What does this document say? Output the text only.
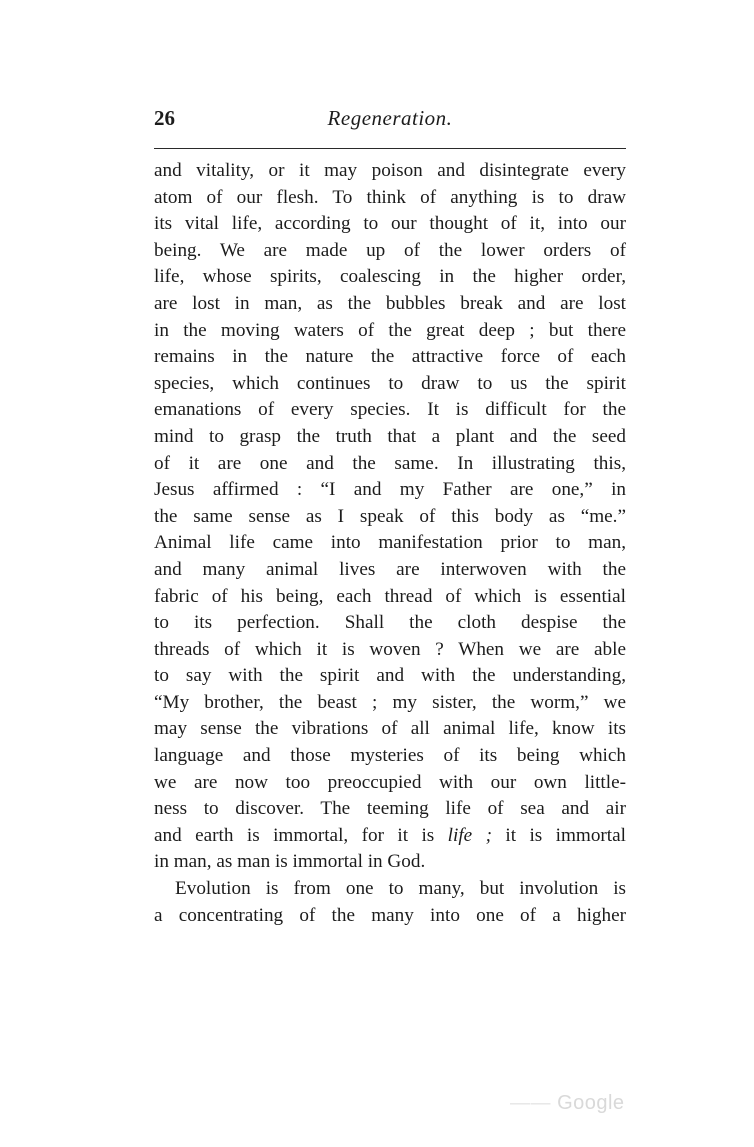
26	Regeneration.
and vitality, or it may poison and disintegrate every
atom of our flesh. To think of anything is to draw
its vital life, according to our thought of it, into our
being. We are made up of the lower orders of
life, whose spirits, coalescing in the higher order,
are lost in man, as the bubbles break and are lost
in the moving waters of the great deep ; but there
remains in the nature the attractive force of each
species, which continues to draw to us the spirit
emanations of every species. It is difficult for the
mind to grasp the truth that a plant and the seed
of it are one and the same. In illustrating this,
Jesus affirmed : “I and my Father are one,” in
the same sense as I speak of this body as “me.”
Animal life came into manifestation prior to man,
and many animal lives are interwoven with the
fabric of his being, each thread of which is essential
to its perfection. Shall the cloth despise the
threads of which it is woven ? When we are able
to say with the spirit and with the understanding,
“My brother, the beast ; my sister, the worm,” we
may sense the vibrations of all animal life, know its
language and those mysteries of its being which
we are now too preoccupied with our own little-
ness to discover. The teeming life of sea and air
and earth is immortal, for it is life ; it is immortal
in man, as man is immortal in God.
Evolution is from one to many, but involution is
a concentrating of the many into one of a higher
—— Google
